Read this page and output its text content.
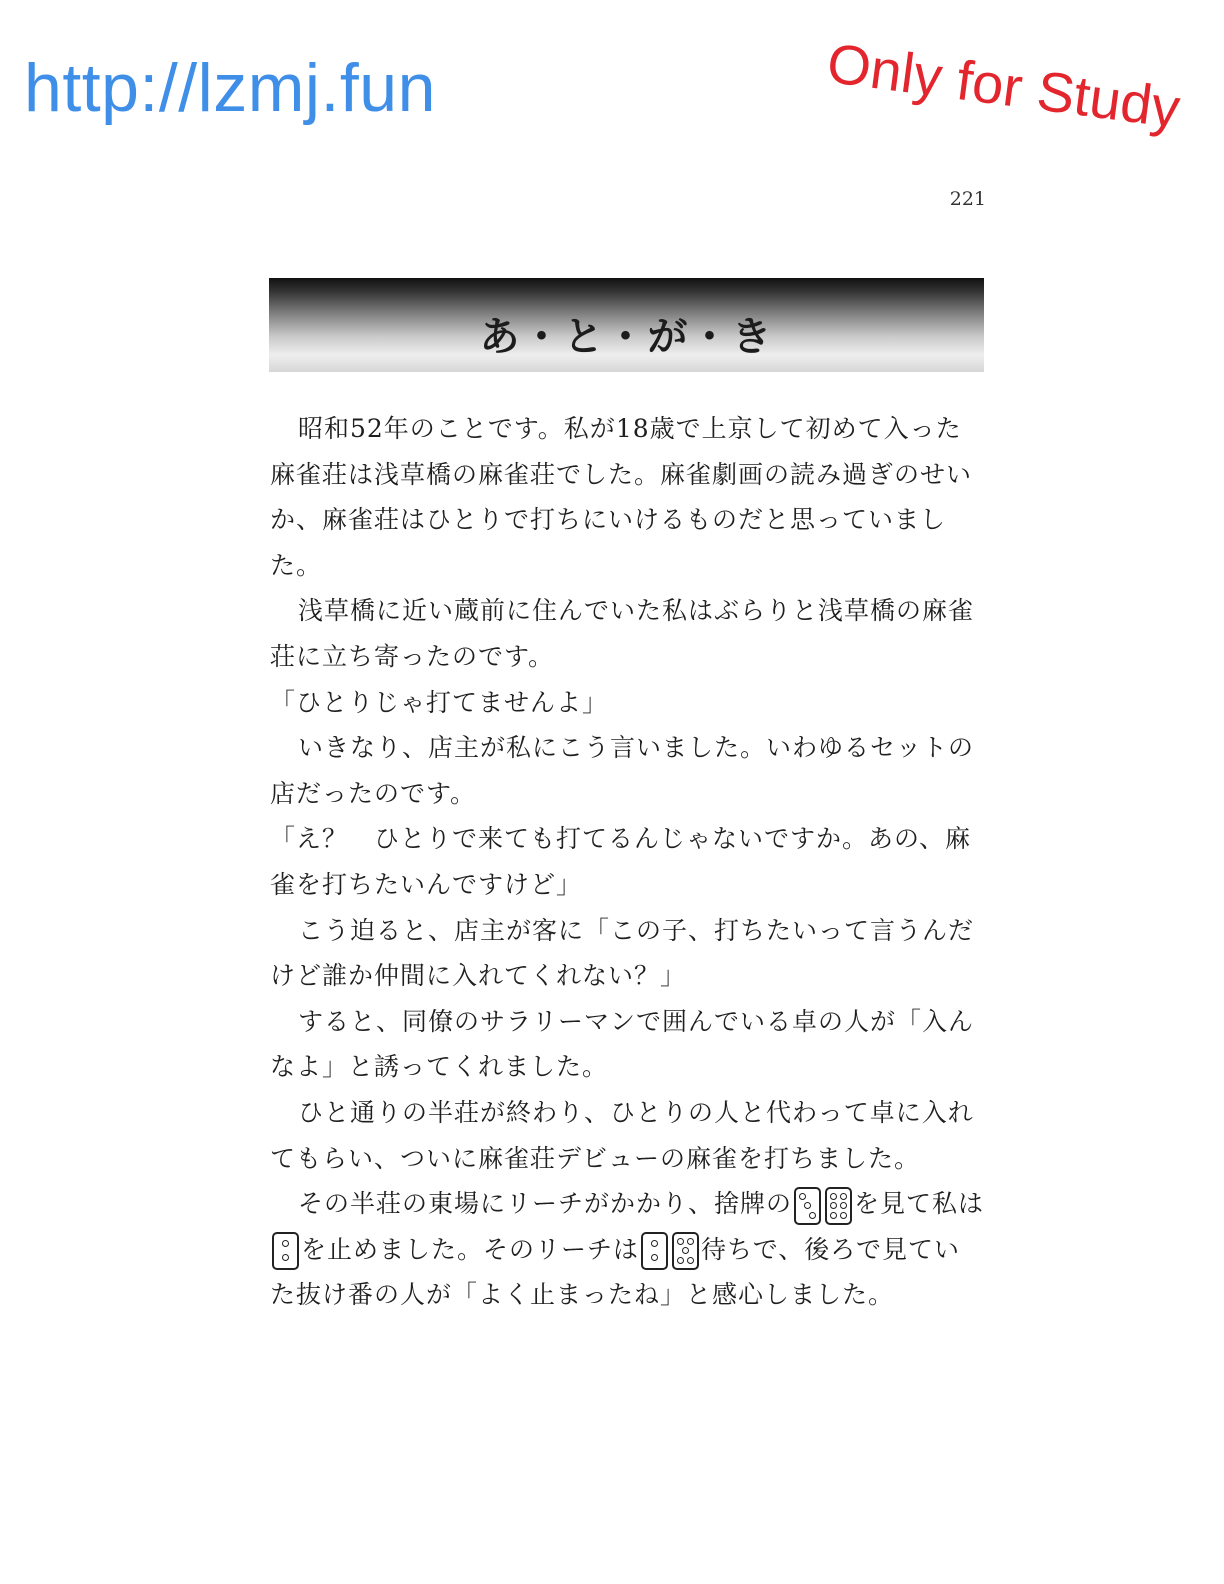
http://lzmj.fun	Only for Study
221
あ・と・が・き

昭和52年のことです。私が18歳で上京して初めて入った麻雀荘は浅草橋の麻雀荘でした。麻雀劇画の読み過ぎのせいか、麻雀荘はひとりで打ちにいけるものだと思っていました。

浅草橋に近い蔵前に住んでいた私はぶらりと浅草橋の麻雀荘に立ち寄ったのです。

「ひとりじゃ打てませんよ」

いきなり、店主が私にこう言いました。いわゆるセットの店だったのです。

「え？　ひとりで来ても打てるんじゃないですか。あの、麻雀を打ちたいんですけど」

こう迫ると、店主が客に「この子、打ちたいって言うんだけど誰か仲間に入れてくれない？」

すると、同僚のサラリーマンで囲んでいる卓の人が「入んなよ」と誘ってくれました。

ひと通りの半荘が終わり、ひとりの人と代わって卓に入れてもらい、ついに麻雀荘デビューの麻雀を打ちました。

その半荘の東場にリーチがかかり、捨牌の を見て私は
を止めました。そのリーチは 待ちで、後ろで見ていた抜け番の人が「よく止まったね」と感心しました。
